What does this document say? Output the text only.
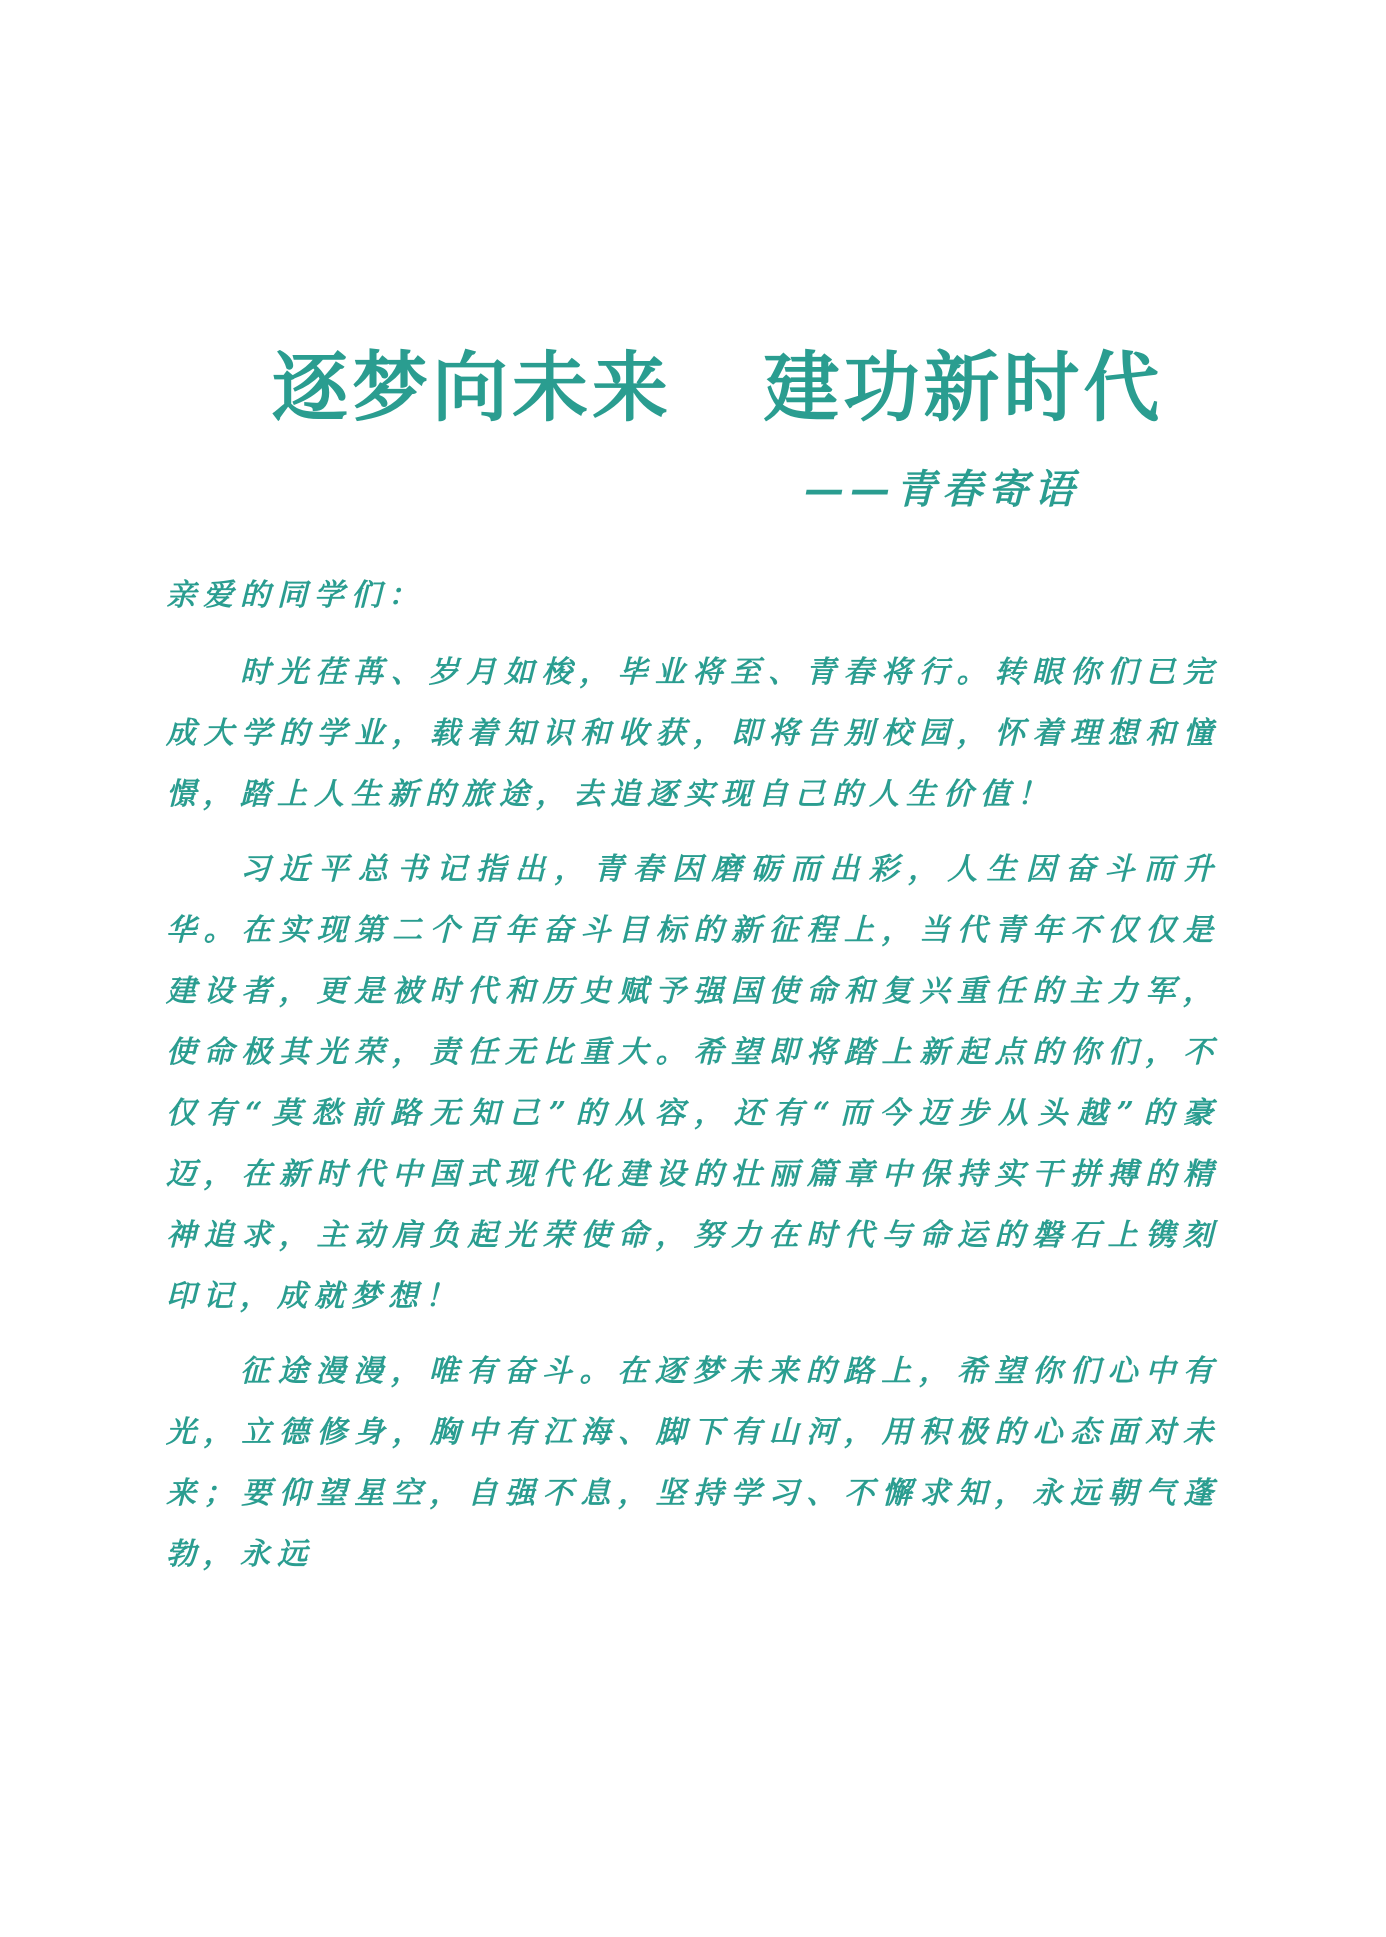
逐梦向未来   建功新时代
——青春寄语
亲爱的同学们：

时光荏苒、岁月如梭，毕业将至、青春将行。转眼你们已完成大学的学业，载着知识和收获，即将告别校园，怀着理想和憧憬，踏上人生新的旅途，去追逐实现自己的人生价值！

习近平总书记指出，青春因磨砺而出彩，人生因奋斗而升华。在实现第二个百年奋斗目标的新征程上，当代青年不仅仅是建设者，更是被时代和历史赋予强国使命和复兴重任的主力军，使命极其光荣，责任无比重大。希望即将踏上新起点的你们，不仅有“莫愁前路无知己”的从容，还有“而今迈步从头越”的豪迈，在新时代中国式现代化建设的壮丽篇章中保持实干拼搏的精神追求，主动肩负起光荣使命，努力在时代与命运的磐石上镌刻印记，成就梦想！

征途漫漫，唯有奋斗。在逐梦未来的路上，希望你们心中有光，立德修身，胸中有江海、脚下有山河，用积极的心态面对未来；要仰望星空，自强不息，坚持学习、不懈求知，永远朝气蓬勃，永远
